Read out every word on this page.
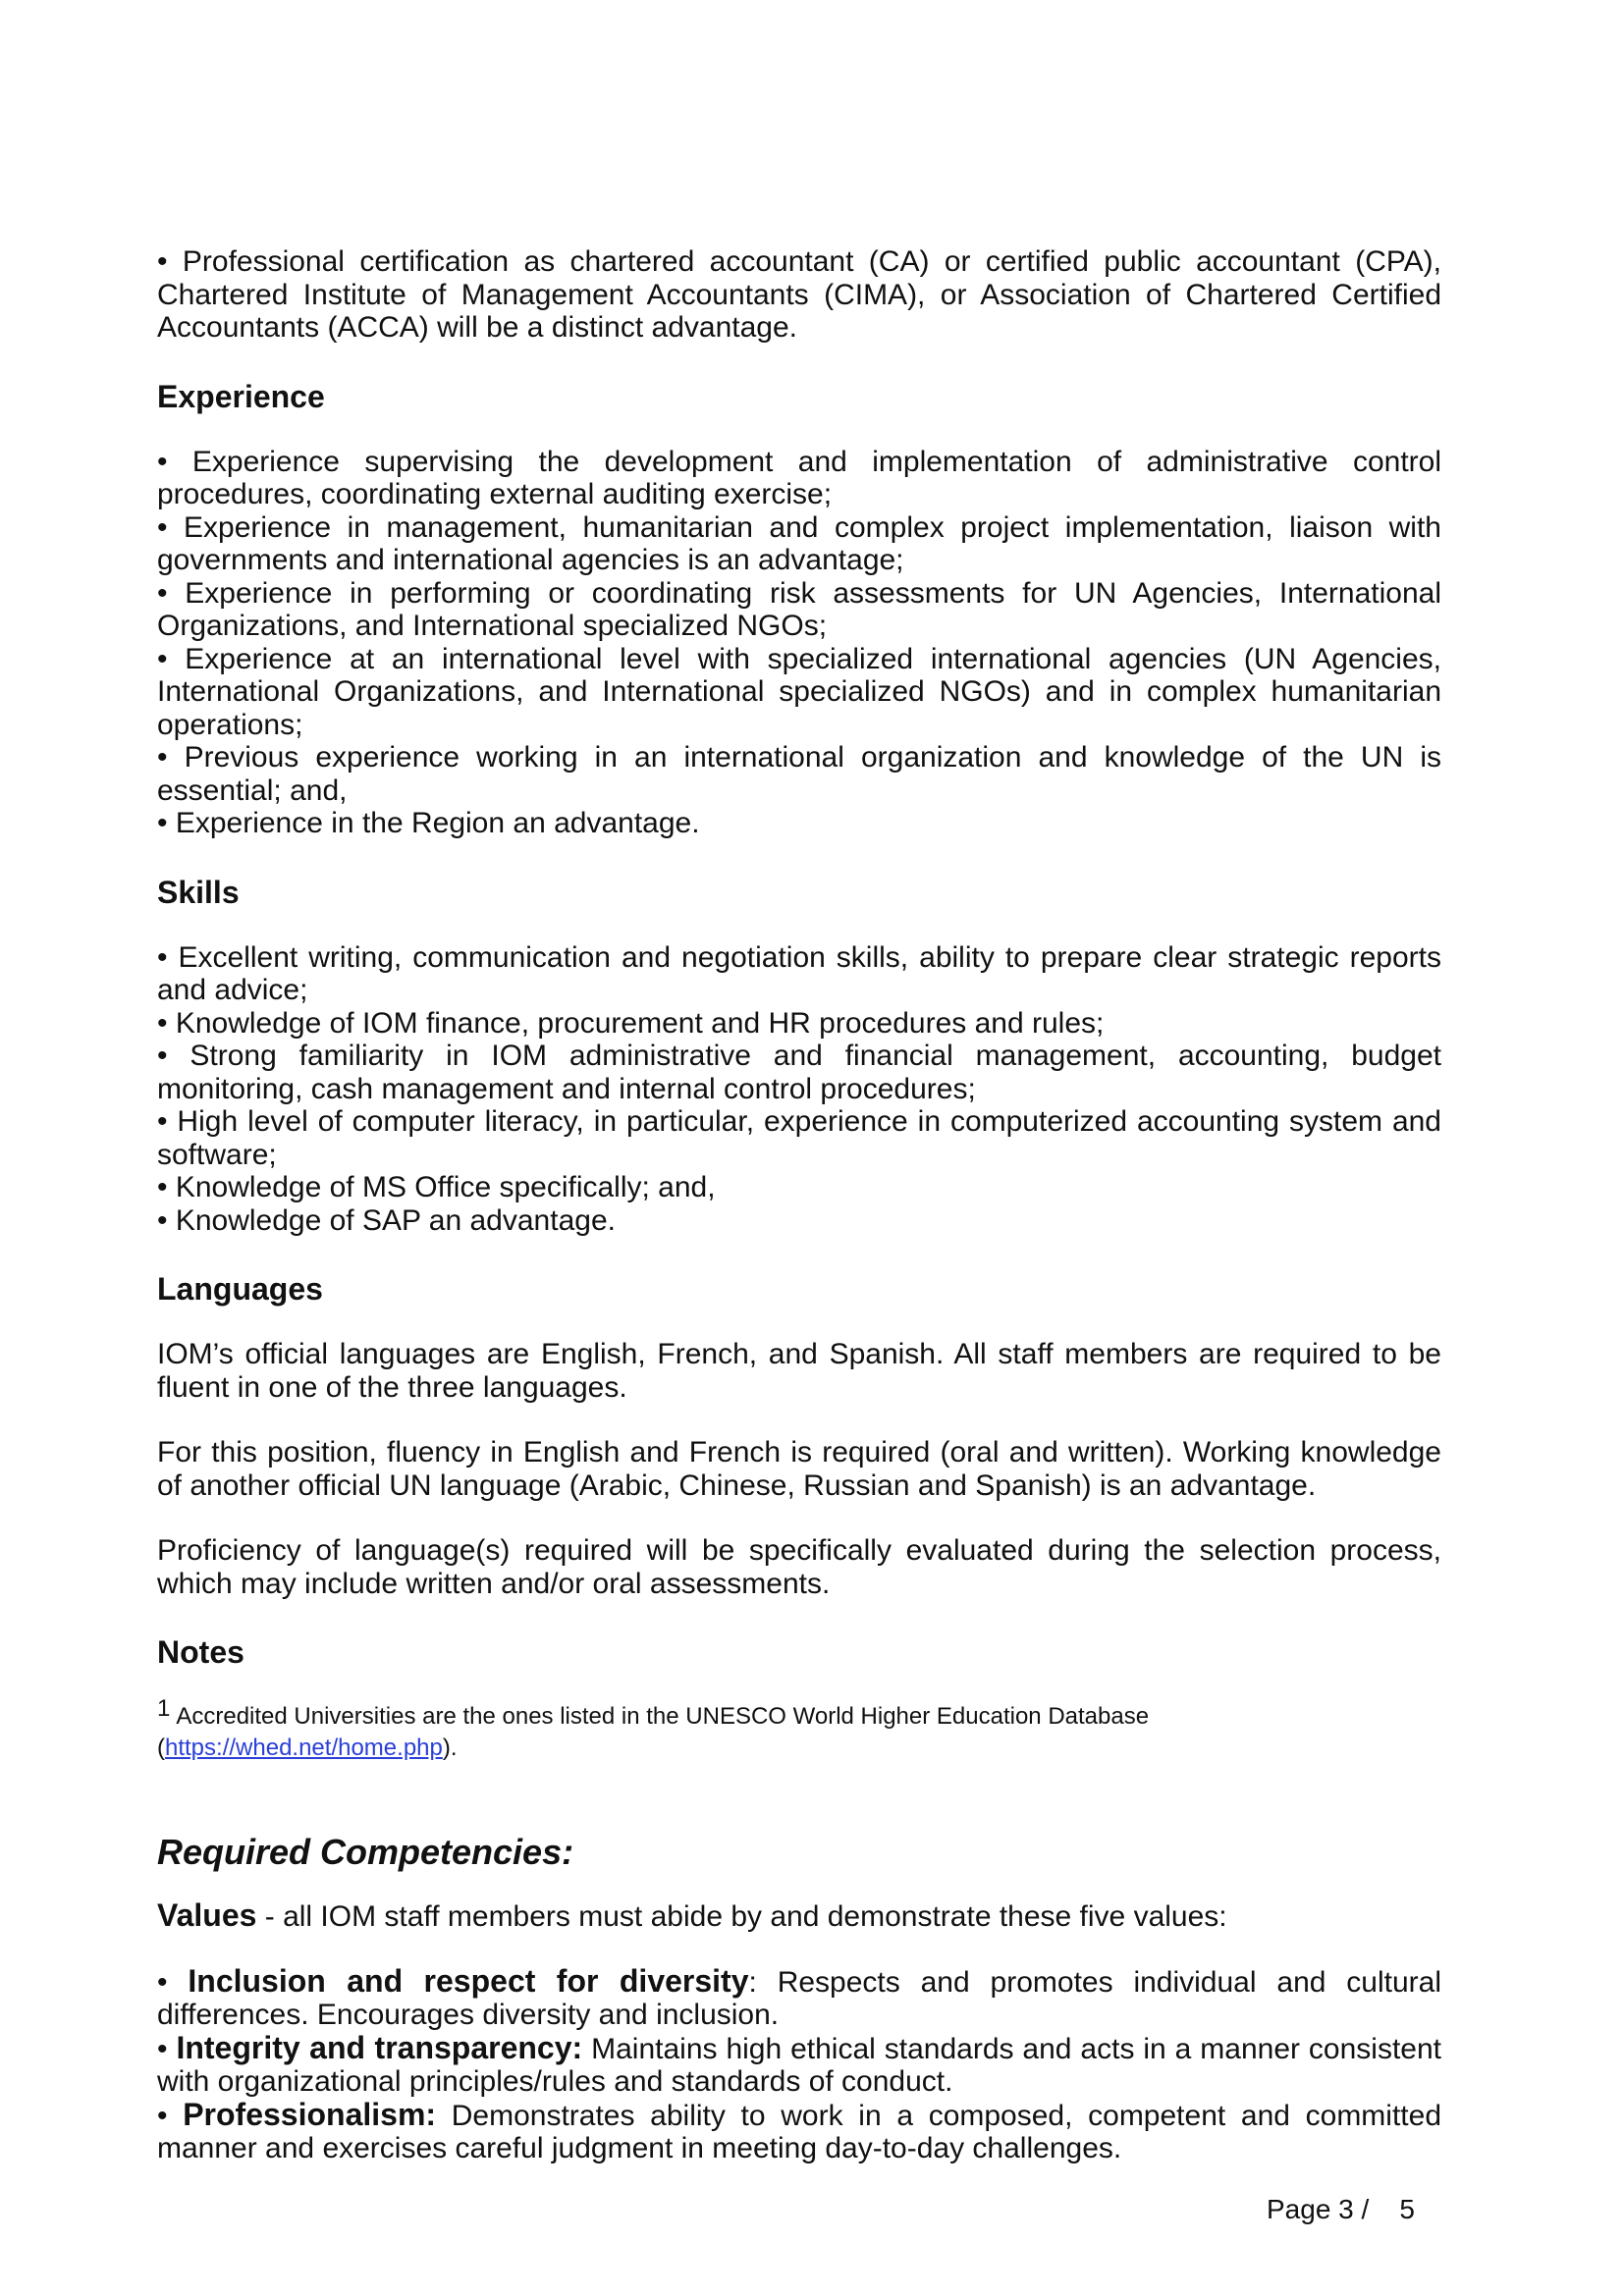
• Professional certification as chartered accountant (CA) or certified public accountant (CPA), Chartered Institute of Management Accountants (CIMA), or Association of Chartered Certified Accountants (ACCA) will be a distinct advantage.

Experience

• Experience supervising the development and implementation of administrative control procedures, coordinating external auditing exercise;

• Experience in management, humanitarian and complex project implementation, liaison with governments and international agencies is an advantage;

• Experience in performing or coordinating risk assessments for UN Agencies, International Organizations, and International specialized NGOs;

• Experience at an international level with specialized international agencies (UN Agencies, International Organizations, and International specialized NGOs) and in complex humanitarian operations;

• Previous experience working in an international organization and knowledge of the UN is essential; and,

• Experience in the Region an advantage.

Skills

• Excellent writing, communication and negotiation skills, ability to prepare clear strategic reports and advice;

• Knowledge of IOM finance, procurement and HR procedures and rules;

• Strong familiarity in IOM administrative and financial management, accounting, budget monitoring, cash management and internal control procedures;

• High level of computer literacy, in particular, experience in computerized accounting system and software;

• Knowledge of MS Office specifically; and,

• Knowledge of SAP an advantage.

Languages

IOM’s official languages are English, French, and Spanish. All staff members are required to be fluent in one of the three languages.

For this position, fluency in English and French is required (oral and written). Working knowledge of another official UN language (Arabic, Chinese, Russian and Spanish) is an advantage.

Proficiency of language(s) required will be specifically evaluated during the selection process, which may include written and/or oral assessments.

Notes

$^1$ Accredited Universities are the ones listed in the UNESCO World Higher Education Database

(https://whed.net/home.php).

Required Competencies:

Values - all IOM staff members must abide by and demonstrate these five values:

• Inclusion and respect for diversity: Respects and promotes individual and cultural differences. Encourages diversity and inclusion.

• Integrity and transparency: Maintains high ethical standards and acts in a manner consistent with organizational principles/rules and standards of conduct.

• Professionalism: Demonstrates ability to work in a composed, competent and committed manner and exercises careful judgment in meeting day-to-day challenges.

Page 3 /    5
